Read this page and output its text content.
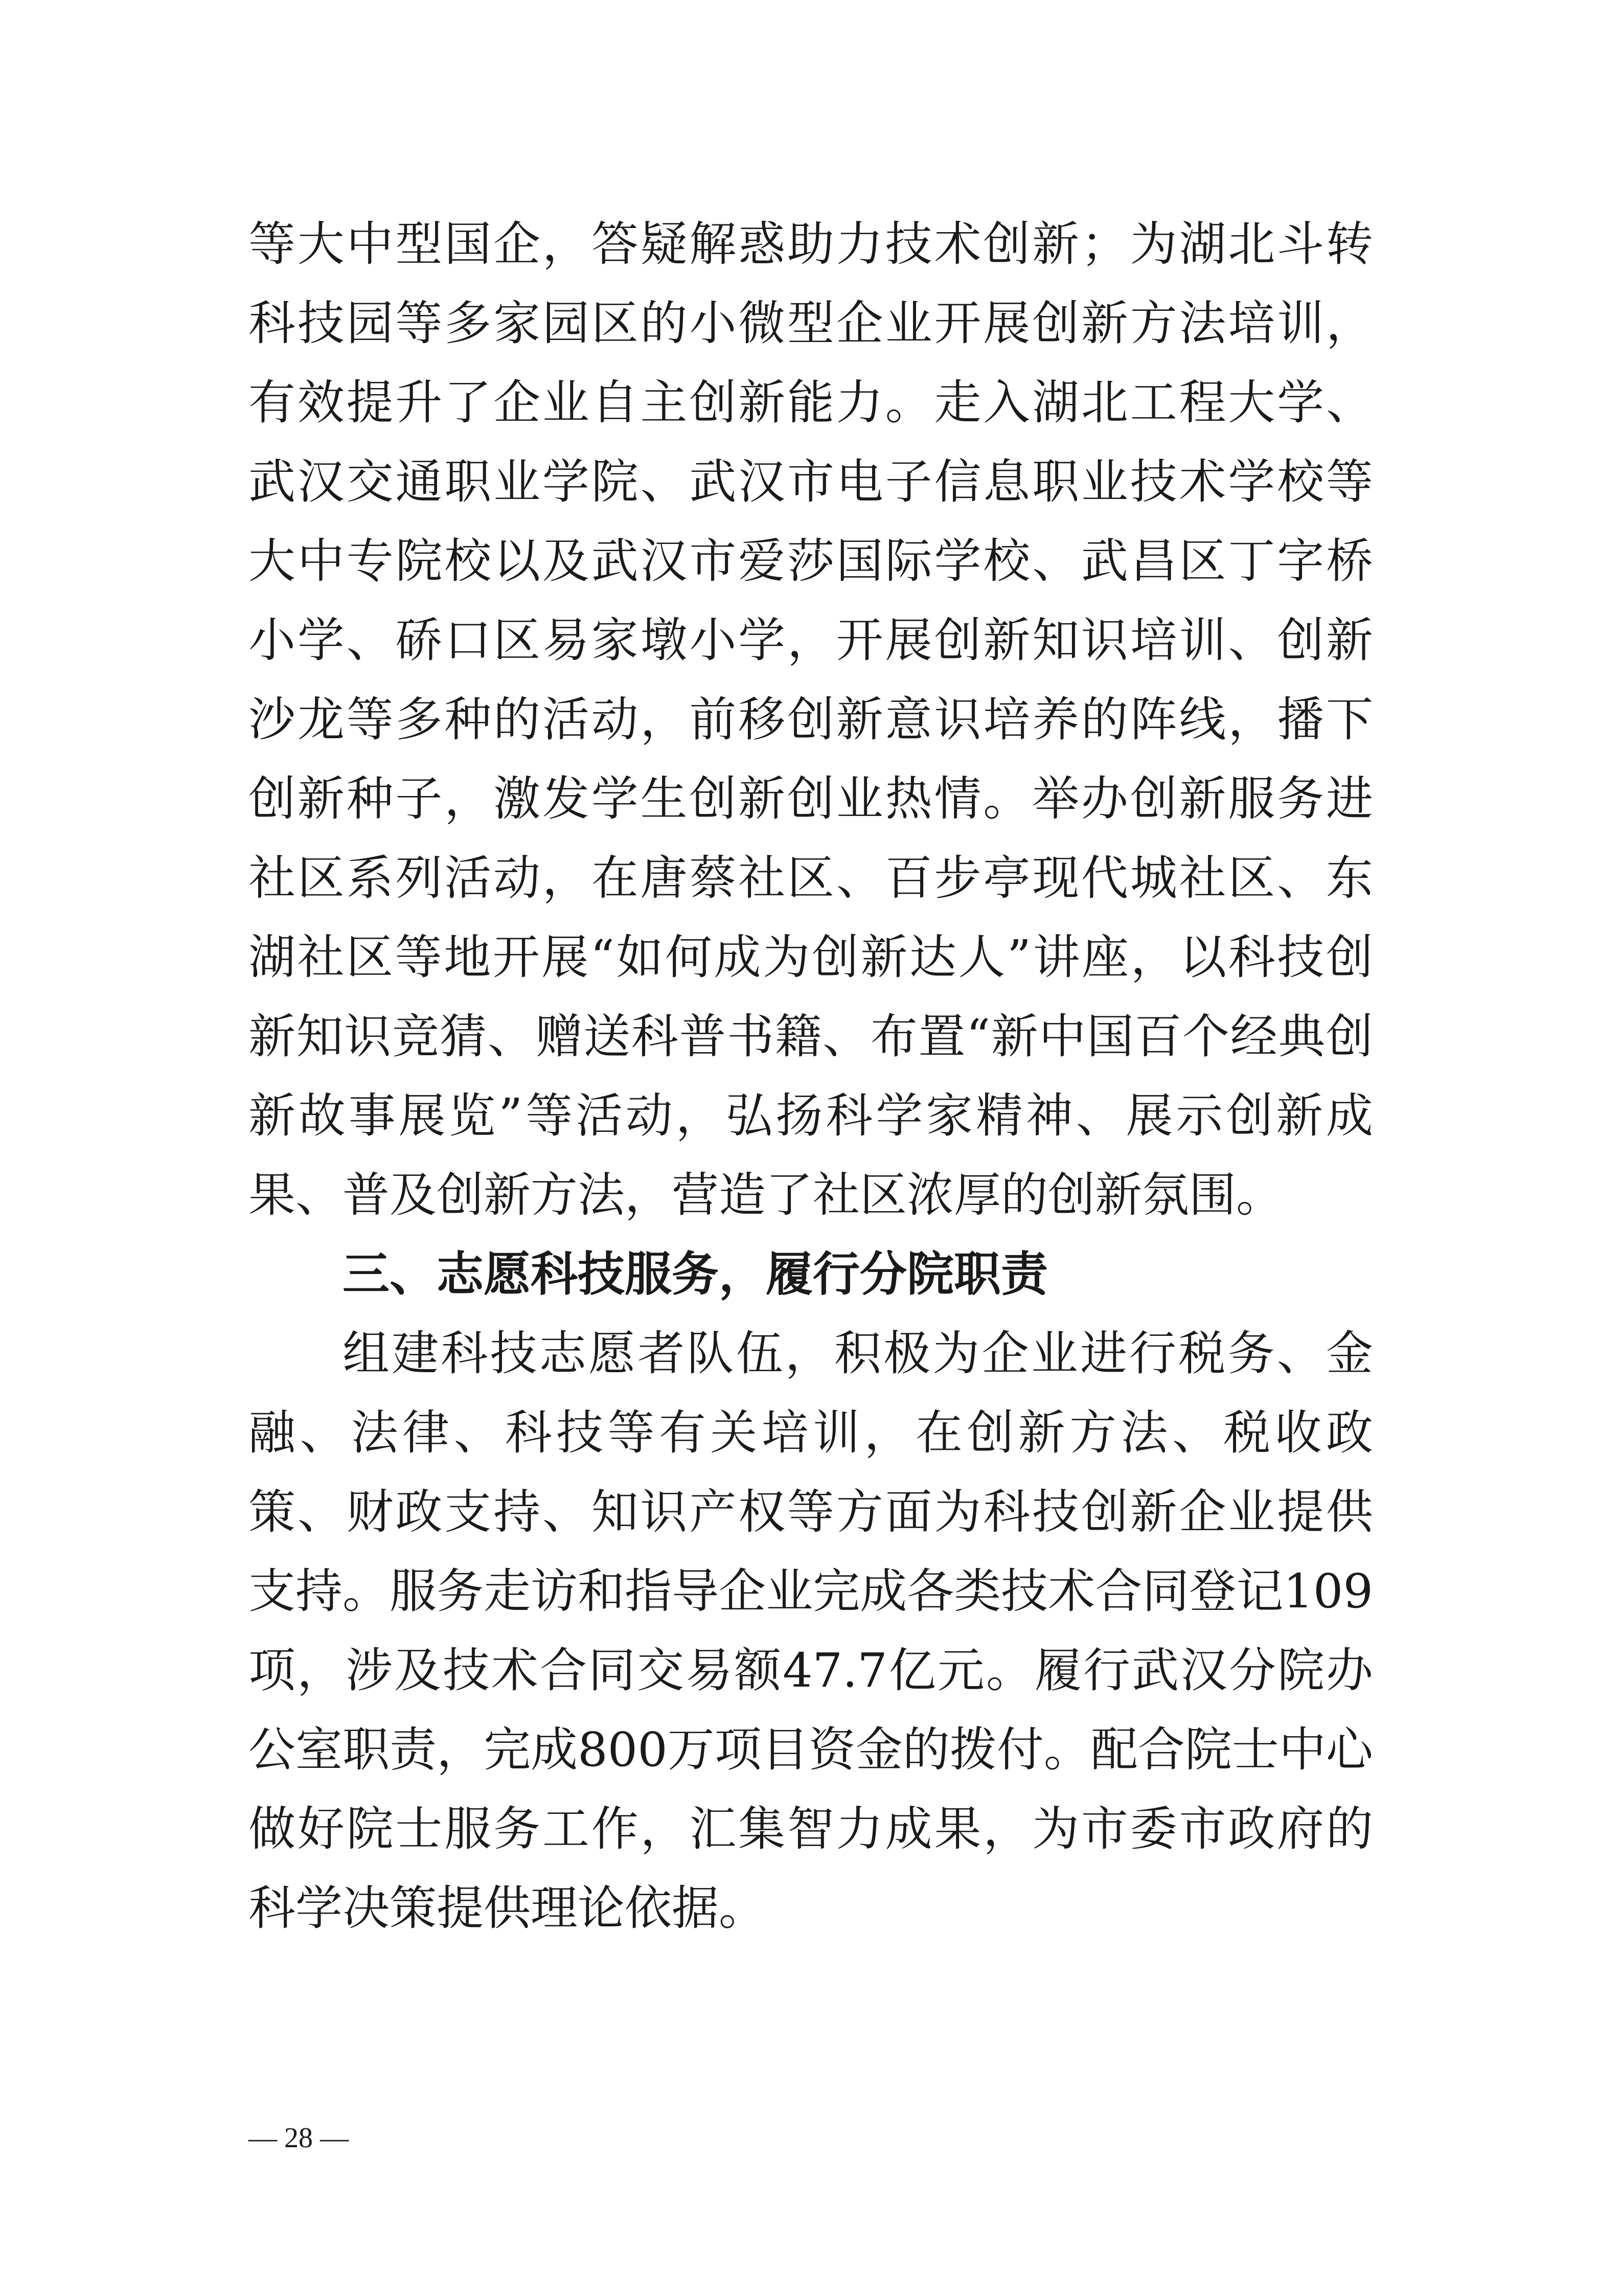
等大中型国企，答疑解惑助力技术创新；为湖北斗转科技园等多家园区的小微型企业开展创新方法培训，有效提升了企业自主创新能力。走入湖北工程大学、武汉交通职业学院、武汉市电子信息职业技术学校等大中专院校以及武汉市爱莎国际学校、武昌区丁字桥小学、硚口区易家墩小学，开展创新知识培训、创新沙龙等多种的活动，前移创新意识培养的阵线，播下创新种子，激发学生创新创业热情。举办创新服务进社区系列活动，在唐蔡社区、百步亭现代城社区、东湖社区等地开展“如何成为创新达人”讲座，以科技创新知识竞猜、赠送科普书籍、布置“新中国百个经典创新故事展览”等活动，弘扬科学家精神、展示创新成果、普及创新方法，营造了社区浓厚的创新氛围。

三、志愿科技服务，履行分院职责

组建科技志愿者队伍，积极为企业进行税务、金融、法律、科技等有关培训，在创新方法、税收政策、财政支持、知识产权等方面为科技创新企业提供支持。服务走访和指导企业完成各类技术合同登记109项，涉及技术合同交易额47.7亿元。履行武汉分院办公室职责，完成800万项目资金的拨付。配合院士中心做好院士服务工作，汇集智力成果，为市委市政府的科学决策提供理论依据。

— 28 —
